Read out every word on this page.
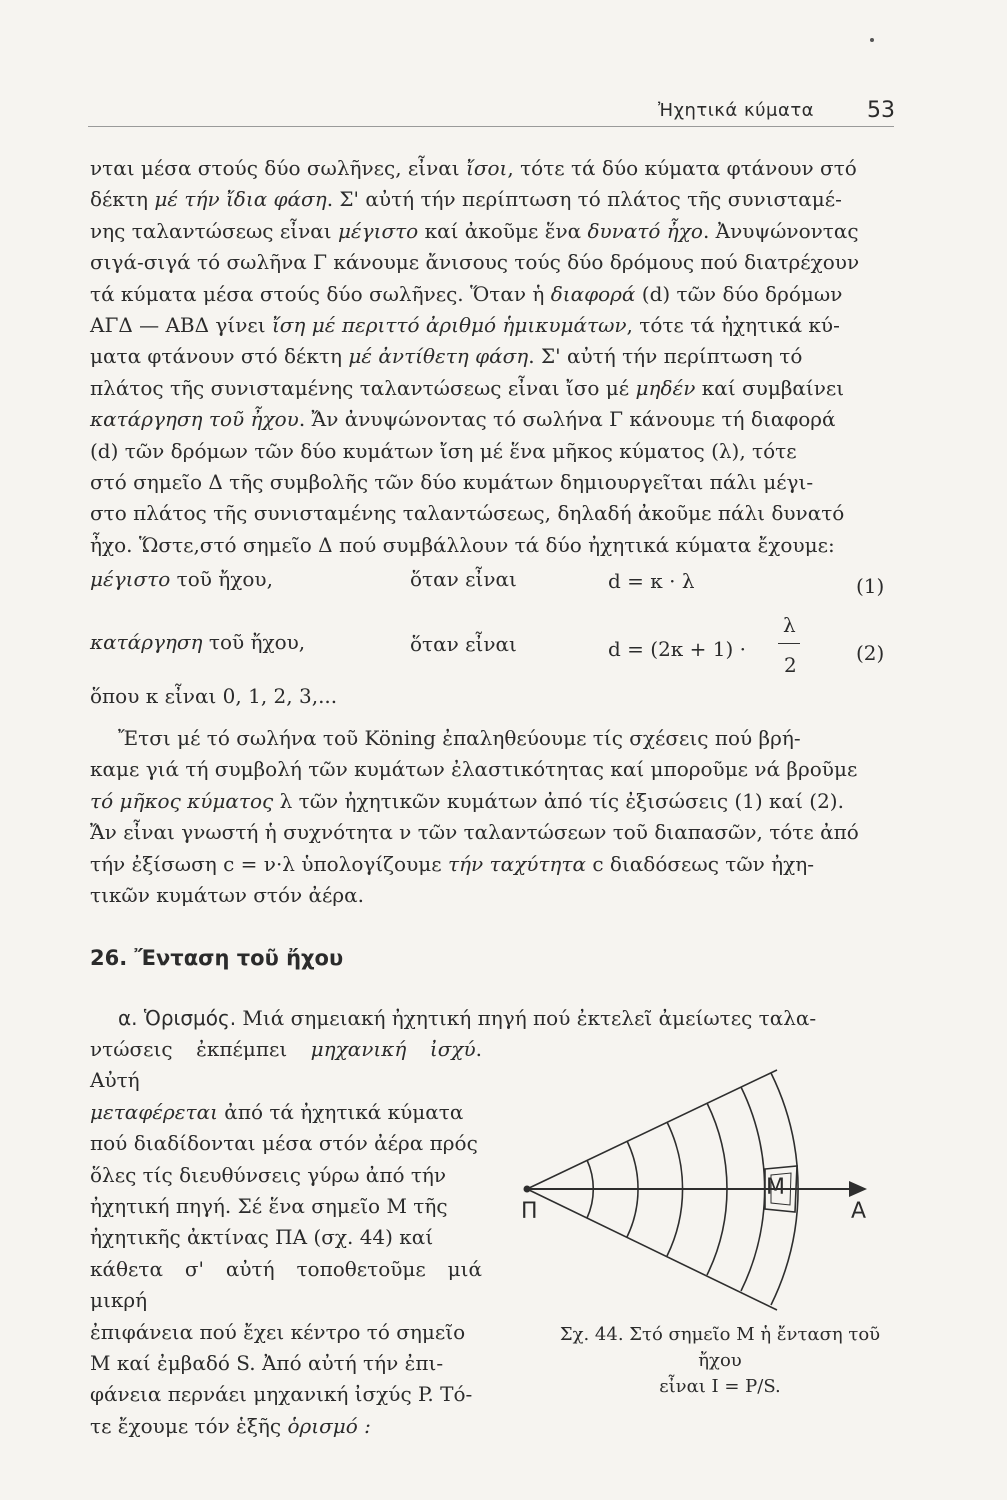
Ἠχητικά κύματα 53

νται μέσα στούς δύο σωλῆνες, εἶναι ἴσοι, τότε τά δύο κύματα φτάνουν στό

δέκτη μέ τήν ἴδια φάση. Σ' αὐτή τήν περίπτωση τό πλάτος τῆς συνισταμέ-

νης ταλαντώσεως εἶναι μέγιστο καί ἀκοῦμε ἕνα δυνατό ἦχο. Ἀνυψώνοντας

σιγά-σιγά τό σωλῆνα Γ κάνουμε ἄνισους τούς δύο δρόμους πού διατρέχουν

τά κύματα μέσα στούς δύο σωλῆνες. Ὅταν ἡ διαφορά (d) τῶν δύο δρόμων

ΑΓΔ — ΑΒΔ γίνει ἴση μέ περιττό ἀριθμό ἡμικυμάτων, τότε τά ἠχητικά κύ-

ματα φτάνουν στό δέκτη μέ ἀντίθετη φάση. Σ' αὐτή τήν περίπτωση τό

πλάτος τῆς συνισταμένης ταλαντώσεως εἶναι ἴσο μέ μηδέν καί συμβαίνει

κατάργηση τοῦ ἦχου. Ἄν ἀνυψώνοντας τό σωλήνα Γ κάνουμε τή διαφορά

(d) τῶν δρόμων τῶν δύο κυμάτων ἴση μέ ἕνα μῆκος κύματος (λ), τότε

στό σημεῖο Δ τῆς συμβολῆς τῶν δύο κυμάτων δημιουργεῖται πάλι μέγι-

στο πλάτος τῆς συνισταμένης ταλαντώσεως, δηλαδή ἀκοῦμε πάλι δυνατό

ἦχο. Ὥστε,στό σημεῖο Δ πού συμβάλλουν τά δύο ἠχητικά κύματα ἔχουμε:

μέγιστο τοῦ ἤχου,	ὅταν εἶναι	d = κ · λ	(1)
κατάργηση τοῦ ἤχου,	ὅταν εἶναι	d = (2κ + 1) ·
λ
2	(2)
ὅπου κ εἶναι 0, 1, 2, 3,...

Ἔτσι μέ τό σωλήνα τοῦ Köning ἐπαληθεύουμε τίς σχέσεις πού βρή-

καμε γιά τή συμβολή τῶν κυμάτων ἐλαστικότητας καί μποροῦμε νά βροῦμε

τό μῆκος κύματος λ τῶν ἠχητικῶν κυμάτων ἀπό τίς ἐξισώσεις (1) καί (2).

Ἄν εἶναι γνωστή ἡ συχνότητα ν τῶν ταλαντώσεων τοῦ διαπασῶν, τότε ἀπό

τήν ἐξίσωση c = ν·λ ὑπολογίζουμε τήν ταχύτητα c διαδόσεως τῶν ἠχη-

τικῶν κυμάτων στόν ἀέρα.

26. Ἔνταση τοῦ ἤχου

α. Ὁρισμός. Μιά σημειακή ἠχητική πηγή πού ἐκτελεῖ ἀμείωτες ταλα-

ντώσεις ἐκπέμπει μηχανική ἰσχύ. Αὐτή

μεταφέρεται ἀπό τά ἠχητικά κύματα

πού διαδίδονται μέσα στόν ἀέρα πρός

ὅλες τίς διευθύνσεις γύρω ἀπό τήν

ἠχητική πηγή. Σέ ἕνα σημεῖο Μ τῆς

ἠχητικῆς ἀκτίνας ΠΑ (σχ. 44) καί

κάθετα σ' αὐτή τοποθετοῦμε μιά μικρή

ἐπιφάνεια πού ἔχει κέντρο τό σημεῖο

Μ καί ἐμβαδό S. Ἀπό αὐτή τήν ἐπι-

φάνεια περνάει μηχανική ἰσχύς P. Τό-

τε ἔχουμε τόν ἑξῆς ὁρισμό :

Π
Μ
Α
Σχ. 44. Στό σημεῖο Μ ἡ ἔνταση τοῦ ἤχου
εἶναι I = P/S.
